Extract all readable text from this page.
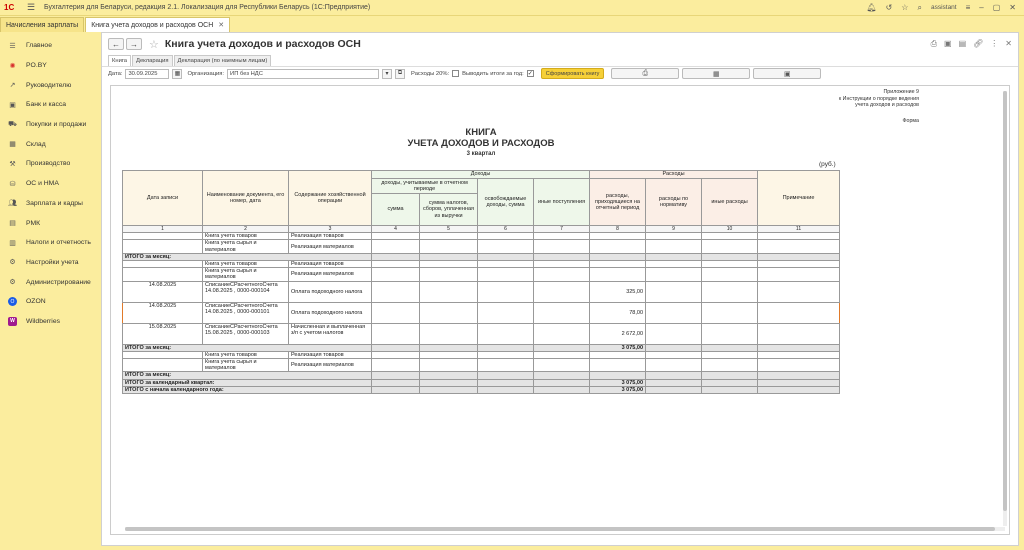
1С	☰	Бухгалтерия для Беларуси, редакция 2.1. Локализация для Республики Беларусь (1С:Предприятие)	🔔︎ ↺ ☆ ⌕ assistant ≡ – ▢ ✕
Начисления зарплаты Книга учета доходов и расходов ОСН ✕
☰ Главное
✺ PO.BY
↗ Руководителю
▣ Банк и касса
⛟ Покупки и продажи
▦ Склад
⚒ Производство
⛁ ОС и НМА
👥︎ Зарплата и кадры
▤ РМК
▥ Налоги и отчетность
⚙ Настройки учета
⚙ Администрирование
O	OZON
W	Wildberries
←	→	☆ Книга учета доходов и расходов ОСН	⎙ ▣ ▤ 🔗︎ ⋮ ✕
Книга	Декларация	Декларация (по наемным лицам)
Дата:	30.09.2025	▦	Организация:	ИП без НДС	▾	⧉	Расходы 20%: Выводить итоги за год: ✓	Сформировать книгу	⎙	▦	▣
Приложение 9
к Инструкции о порядке ведения
учета доходов и расходов
Форма
КНИГА
УЧЕТА ДОХОДОВ И РАСХОДОВ
3 квартал
(руб.)
Дата записи	Наименование документа, его номер, дата	Содержание хозяйственной операции	Доходы				Расходы			Примечание
			доходы, учитываемые в отчетном периоде		освобождаемые доходы, сумма	иные поступления	расходы, приходящиеся на отчетный период	расходы по нормативу	иные расходы	
			сумма	сумма налогов, сборов, уплаченная из выручки						
1	2	3	4	5	6	7	8	9	10	11
	Книга учета товаров	Реализация товаров								
	Книга учета сырья и материалов	Реализация материалов								
ИТОГО за месяц:										
	Книга учета товаров	Реализация товаров								
	Книга учета сырья и материалов	Реализация материалов								
14.08.2025	СписаниеСРасчетногоСчета 14.08.2025 , 0000-000104	Оплата подоходного налога					325,00			
14.08.2025	СписаниеСРасчетногоСчета 14.08.2025 , 0000-000101	Оплата подоходного налога					78,00			
15.08.2025	СписаниеСРасчетногоСчета 15.08.2025 , 0000-000103	Начисленная и выплаченная з/п с учетом налогов					2 672,00			
ИТОГО за месяц:							3 075,00			
	Книга учета товаров	Реализация товаров								
	Книга учета сырья и материалов	Реализация материалов								
ИТОГО за месяц:										
ИТОГО за календарный квартал:							3 075,00			
ИТОГО с начала календарного года:							3 075,00			
